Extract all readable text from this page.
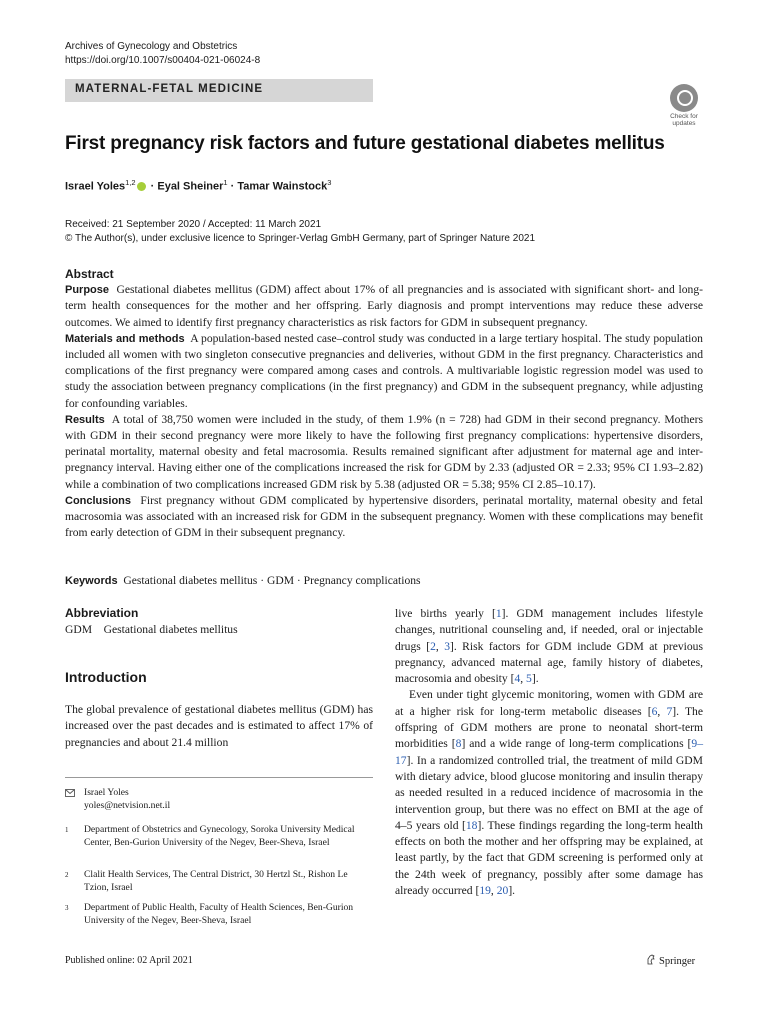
Archives of Gynecology and Obstetrics
https://doi.org/10.1007/s00404-021-06024-8
MATERNAL-FETAL MEDICINE
Check for
updates
First pregnancy risk factors and future gestational diabetes mellitus
Israel Yoles$^{1,2}$ · Eyal Sheiner$^1$ · Tamar Wainstock$^3$
Received: 21 September 2020 / Accepted: 11 March 2021
© The Author(s), under exclusive licence to Springer-Verlag GmbH Germany, part of Springer Nature 2021
Abstract

Purpose Gestational diabetes mellitus (GDM) affect about 17% of all pregnancies and is associated with significant short- and long-term health consequences for the mother and her offspring. Early diagnosis and prompt interventions may reduce these adverse outcomes. We aimed to identify first pregnancy characteristics as risk factors for GDM in subsequent pregnancy.

Materials and methods A population-based nested case–control study was conducted in a large tertiary hospital. The study population included all women with two singleton consecutive pregnancies and deliveries, without GDM in the first pregnancy. Characteristics and complications of the first pregnancy were compared among cases and controls. A multivariable logistic regression model was used to study the association between pregnancy complications (in the first pregnancy) and GDM in the subsequent pregnancy, while adjusting for confounding variables.

Results A total of 38,750 women were included in the study, of them 1.9% (n = 728) had GDM in their second pregnancy. Mothers with GDM in their second pregnancy were more likely to have the following first pregnancy complications: hypertensive disorders, perinatal mortality, maternal obesity and fetal macrosomia. Results remained significant after adjustment for maternal age and inter-pregnancy interval. Having either one of the complications increased the risk for GDM by 2.33 (adjusted OR = 2.33; 95% CI 1.93–2.82) while a combination of two complications increased GDM risk by 5.38 (adjusted OR = 5.38; 95% CI 2.85–10.17).

Conclusions First pregnancy without GDM complicated by hypertensive disorders, perinatal mortality, maternal obesity and fetal macrosomia was associated with an increased risk for GDM in the subsequent pregnancy. Women with these complications may benefit from early detection of GDM in their subsequent pregnancy.

Keywords Gestational diabetes mellitus · GDM · Pregnancy complications
Abbreviation
GDM Gestational diabetes mellitus
Introduction
The global prevalence of gestational diabetes mellitus (GDM) has increased over the past decades and is estimated to affect 17% of pregnancies and about 21.4 million
Israel Yoles
yoles@netvision.net.il
1 Department of Obstetrics and Gynecology, Soroka University Medical Center, Ben-Gurion University of the Negev, Beer-Sheva, Israel
2 Clalit Health Services, The Central District, 30 Hertzl St., Rishon Le Tzion, Israel
3 Department of Public Health, Faculty of Health Sciences, Ben-Gurion University of the Negev, Beer-Sheva, Israel

live births yearly [1]. GDM management includes lifestyle changes, nutritional counseling and, if needed, oral or injectable drugs [2, 3]. Risk factors for GDM include GDM at previous pregnancy, advanced maternal age, family history of diabetes, macrosomia and obesity [4, 5].

Even under tight glycemic monitoring, women with GDM are at a higher risk for long-term metabolic diseases [6, 7]. The offspring of GDM mothers are prone to neonatal short-term morbidities [8] and a wide range of long-term complications [9–17]. In a randomized controlled trial, the treatment of mild GDM with dietary advice, blood glucose monitoring and insulin therapy as needed resulted in a reduced incidence of macrosomia in the intervention group, but there was no effect on BMI at the age of 4–5 years old [18]. These findings regarding the long-term health effects on both the mother and her offspring may be explained, at least partly, by the fact that GDM screening is performed only at the 24th week of pregnancy, possibly after some damage has already occurred [19, 20].

Published online: 02 April 2021	Springer
